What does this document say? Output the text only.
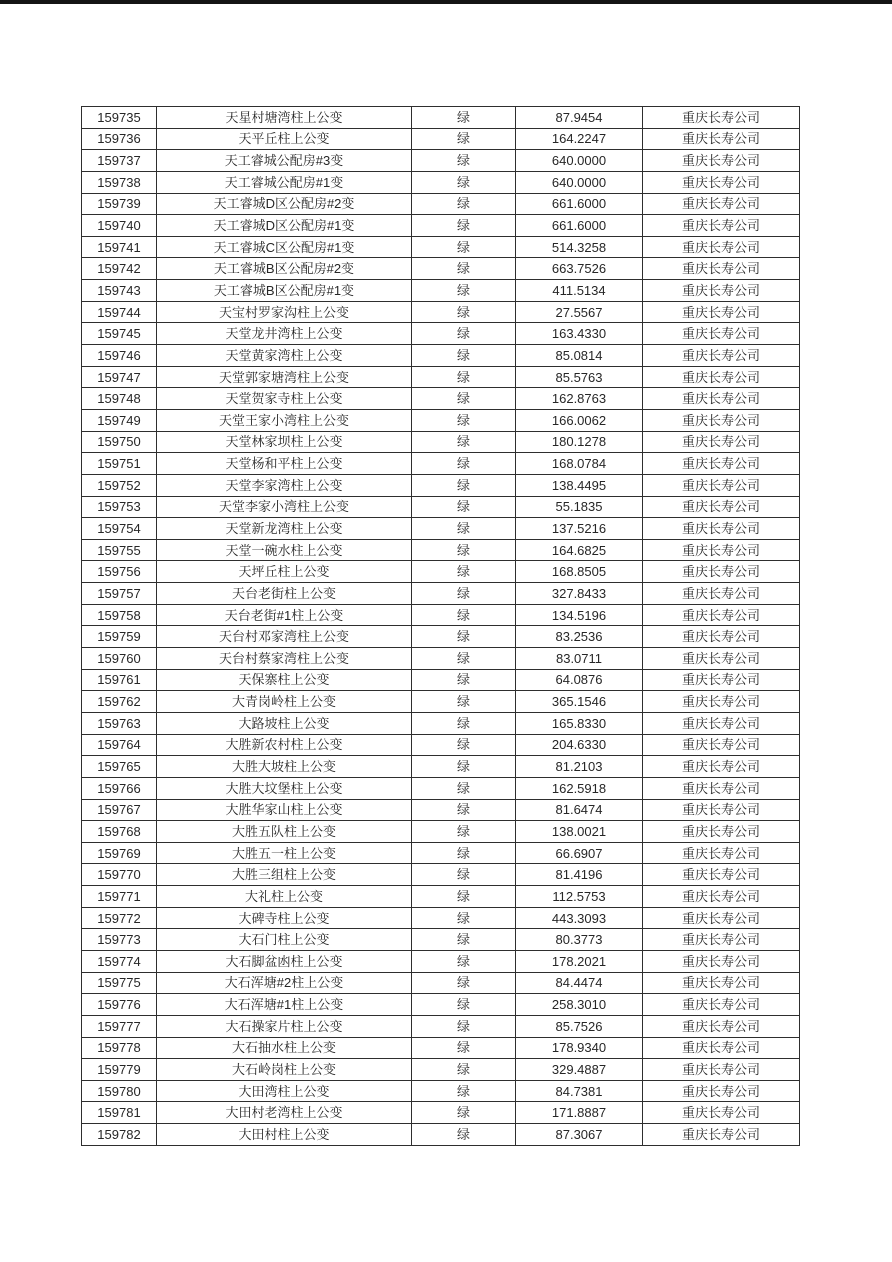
159735	天星村塘湾柱上公变	绿	87.9454	重庆长寿公司
159736	天平丘柱上公变	绿	164.2247	重庆长寿公司
159737	天工睿城公配房#3变	绿	640.0000	重庆长寿公司
159738	天工睿城公配房#1变	绿	640.0000	重庆长寿公司
159739	天工睿城D区公配房#2变	绿	661.6000	重庆长寿公司
159740	天工睿城D区公配房#1变	绿	661.6000	重庆长寿公司
159741	天工睿城C区公配房#1变	绿	514.3258	重庆长寿公司
159742	天工睿城B区公配房#2变	绿	663.7526	重庆长寿公司
159743	天工睿城B区公配房#1变	绿	411.5134	重庆长寿公司
159744	天宝村罗家沟柱上公变	绿	27.5567	重庆长寿公司
159745	天堂龙井湾柱上公变	绿	163.4330	重庆长寿公司
159746	天堂黄家湾柱上公变	绿	85.0814	重庆长寿公司
159747	天堂郭家塘湾柱上公变	绿	85.5763	重庆长寿公司
159748	天堂贺家寺柱上公变	绿	162.8763	重庆长寿公司
159749	天堂王家小湾柱上公变	绿	166.0062	重庆长寿公司
159750	天堂林家坝柱上公变	绿	180.1278	重庆长寿公司
159751	天堂杨和平柱上公变	绿	168.0784	重庆长寿公司
159752	天堂李家湾柱上公变	绿	138.4495	重庆长寿公司
159753	天堂李家小湾柱上公变	绿	55.1835	重庆长寿公司
159754	天堂新龙湾柱上公变	绿	137.5216	重庆长寿公司
159755	天堂一碗水柱上公变	绿	164.6825	重庆长寿公司
159756	天坪丘柱上公变	绿	168.8505	重庆长寿公司
159757	天台老街柱上公变	绿	327.8433	重庆长寿公司
159758	天台老街#1柱上公变	绿	134.5196	重庆长寿公司
159759	天台村邓家湾柱上公变	绿	83.2536	重庆长寿公司
159760	天台村蔡家湾柱上公变	绿	83.0711	重庆长寿公司
159761	天保寨柱上公变	绿	64.0876	重庆长寿公司
159762	大青岗岭柱上公变	绿	365.1546	重庆长寿公司
159763	大路坡柱上公变	绿	165.8330	重庆长寿公司
159764	大胜新农村柱上公变	绿	204.6330	重庆长寿公司
159765	大胜大坡柱上公变	绿	81.2103	重庆长寿公司
159766	大胜大坟堡柱上公变	绿	162.5918	重庆长寿公司
159767	大胜华家山柱上公变	绿	81.6474	重庆长寿公司
159768	大胜五队柱上公变	绿	138.0021	重庆长寿公司
159769	大胜五一柱上公变	绿	66.6907	重庆长寿公司
159770	大胜三组柱上公变	绿	81.4196	重庆长寿公司
159771	大礼柱上公变	绿	112.5753	重庆长寿公司
159772	大碑寺柱上公变	绿	443.3093	重庆长寿公司
159773	大石门柱上公变	绿	80.3773	重庆长寿公司
159774	大石脚盆凼柱上公变	绿	178.2021	重庆长寿公司
159775	大石浑塘#2柱上公变	绿	84.4474	重庆长寿公司
159776	大石浑塘#1柱上公变	绿	258.3010	重庆长寿公司
159777	大石操家片柱上公变	绿	85.7526	重庆长寿公司
159778	大石抽水柱上公变	绿	178.9340	重庆长寿公司
159779	大石岭岗柱上公变	绿	329.4887	重庆长寿公司
159780	大田湾柱上公变	绿	84.7381	重庆长寿公司
159781	大田村老湾柱上公变	绿	171.8887	重庆长寿公司
159782	大田村柱上公变	绿	87.3067	重庆长寿公司
